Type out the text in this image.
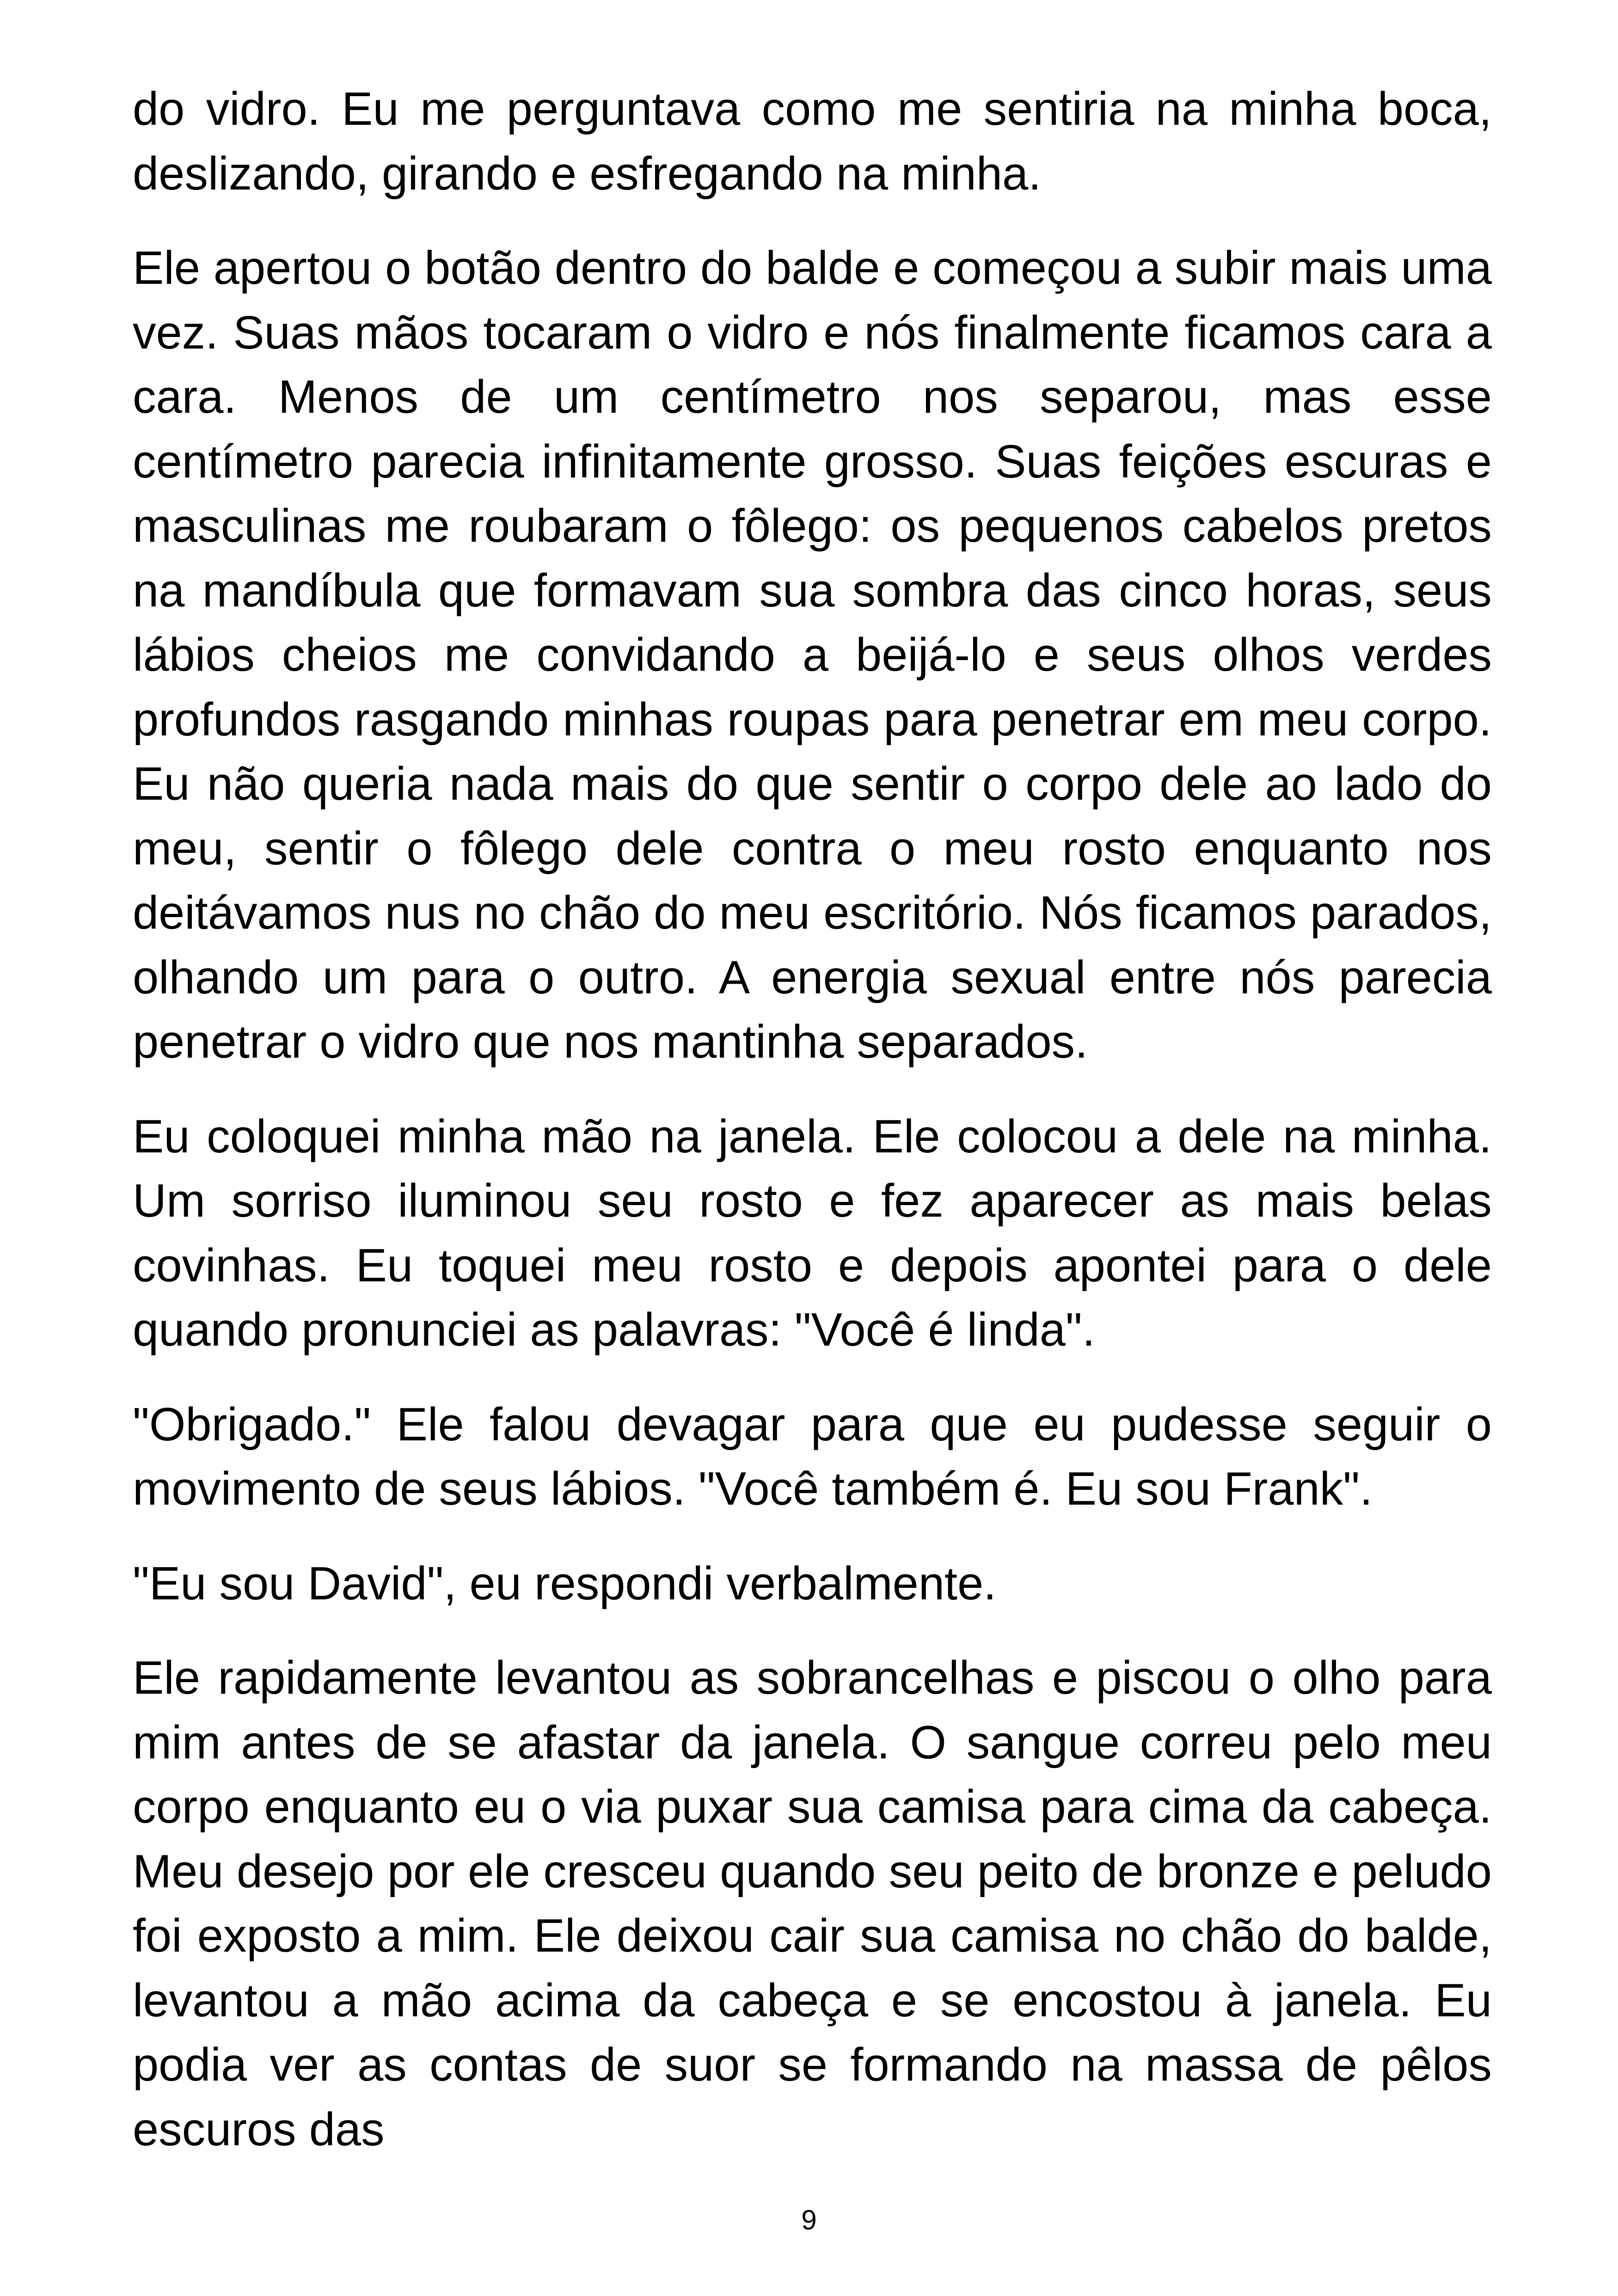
do vidro. Eu me perguntava como me sentiria na minha boca, deslizando, girando e esfregando na minha.

Ele apertou o botão dentro do balde e começou a subir mais uma vez. Suas mãos tocaram o vidro e nós finalmente ficamos cara a cara. Menos de um centímetro nos separou, mas esse centímetro parecia infinitamente grosso. Suas feições escuras e masculinas me roubaram o fôlego: os pequenos cabelos pretos na mandíbula que formavam sua sombra das cinco horas, seus lábios cheios me convidando a beijá-lo e seus olhos verdes profundos rasgando minhas roupas para penetrar em meu corpo. Eu não queria nada mais do que sentir o corpo dele ao lado do meu, sentir o fôlego dele contra o meu rosto enquanto nos deitávamos nus no chão do meu escritório. Nós ficamos parados, olhando um para o outro. A energia sexual entre nós parecia penetrar o vidro que nos mantinha separados.

Eu coloquei minha mão na janela. Ele colocou a dele na minha. Um sorriso iluminou seu rosto e fez aparecer as mais belas covinhas. Eu toquei meu rosto e depois apontei para o dele quando pronunciei as palavras: "Você é linda".

"Obrigado." Ele falou devagar para que eu pudesse seguir o movimento de seus lábios. "Você também é. Eu sou Frank".

"Eu sou David", eu respondi verbalmente.

Ele rapidamente levantou as sobrancelhas e piscou o olho para mim antes de se afastar da janela. O sangue correu pelo meu corpo enquanto eu o via puxar sua camisa para cima da cabeça. Meu desejo por ele cresceu quando seu peito de bronze e peludo foi exposto a mim. Ele deixou cair sua camisa no chão do balde, levantou a mão acima da cabeça e se encostou à janela. Eu podia ver as contas de suor se formando na massa de pêlos escuros das

9
